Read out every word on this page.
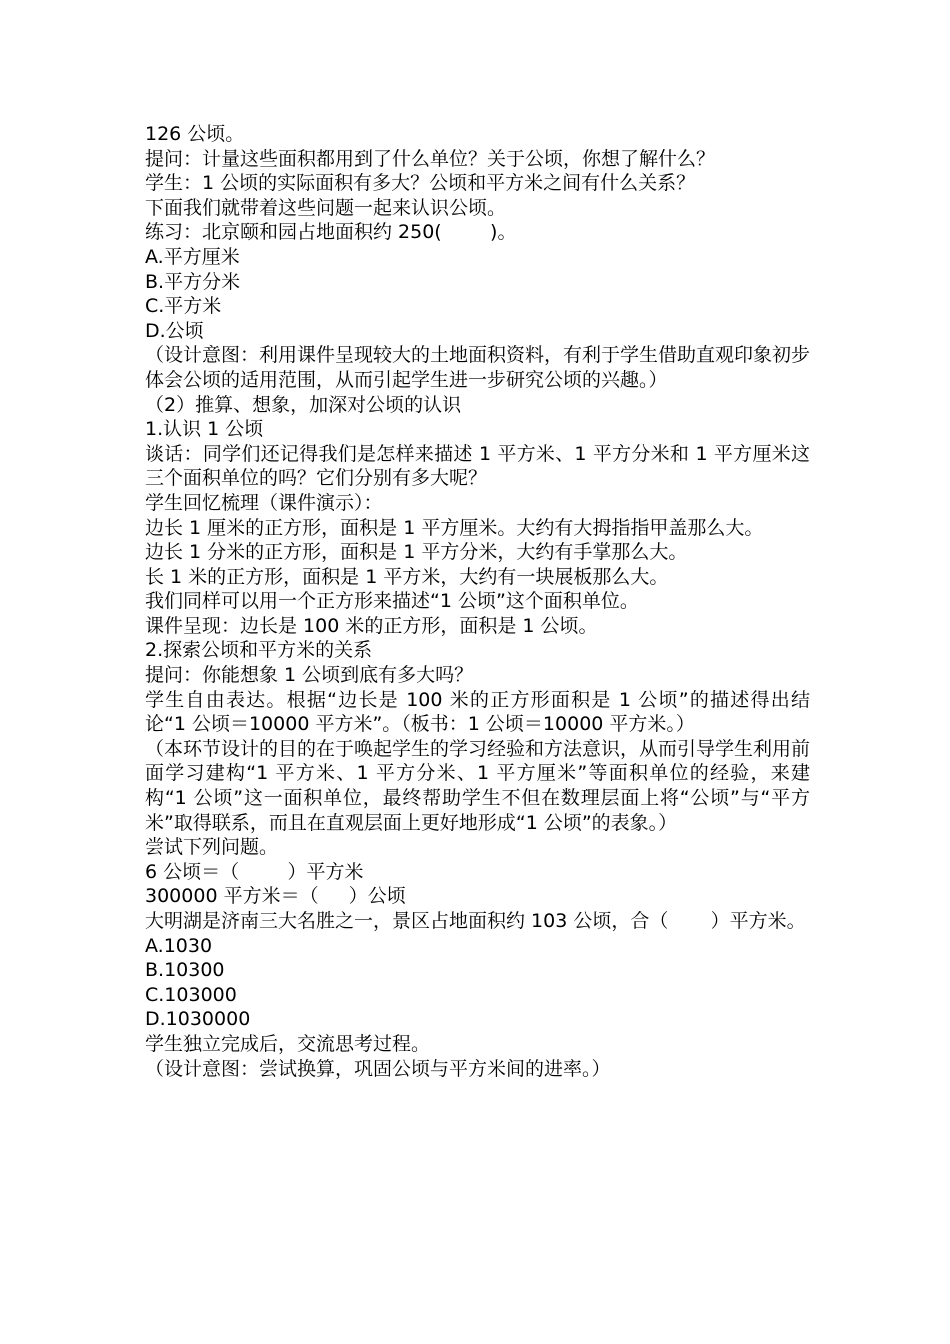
126 公顷。

提问：计量这些面积都用到了什么单位？关于公顷，你想了解什么？

学生：1 公顷的实际面积有多大？公顷和平方米之间有什么关系？

下面我们就带着这些问题一起来认识公顷。

练习：北京颐和园占地面积约 250(        )。

A.平方厘米

B.平方分米

C.平方米

D.公顷

（设计意图：利用课件呈现较大的土地面积资料，有利于学生借助直观印象初步体会公顷的适用范围，从而引起学生进一步研究公顷的兴趣。）

（2）推算、想象，加深对公顷的认识

1.认识 1 公顷

谈话：同学们还记得我们是怎样来描述 1 平方米、1 平方分米和 1 平方厘米这三个面积单位的吗？它们分别有多大呢？

学生回忆梳理（课件演示）：

边长 1 厘米的正方形，面积是 1 平方厘米。大约有大拇指指甲盖那么大。

边长 1 分米的正方形，面积是 1 平方分米，大约有手掌那么大。

长 1 米的正方形，面积是 1 平方米，大约有一块展板那么大。

我们同样可以用一个正方形来描述“1 公顷”这个面积单位。

课件呈现：边长是 100 米的正方形，面积是 1 公顷。

2.探索公顷和平方米的关系

提问：你能想象 1 公顷到底有多大吗？

学生自由表达。根据“边长是 100 米的正方形面积是 1 公顷”的描述得出结论“1 公顷＝10000 平方米”。（板书：1 公顷＝10000 平方米。）

（本环节设计的目的在于唤起学生的学习经验和方法意识，从而引导学生利用前面学习建构“1 平方米、1 平方分米、1 平方厘米”等面积单位的经验，来建构“1 公顷”这一面积单位，最终帮助学生不但在数理层面上将“公顷”与“平方米”取得联系，而且在直观层面上更好地形成“1 公顷”的表象。）

尝试下列问题。

6 公顷＝（        ）平方米

300000 平方米＝（     ）公顷

大明湖是济南三大名胜之一，景区占地面积约 103 公顷，合（       ）平方米。

A.1030

B.10300

C.103000

D.1030000

学生独立完成后，交流思考过程。

（设计意图：尝试换算，巩固公顷与平方米间的进率。）
